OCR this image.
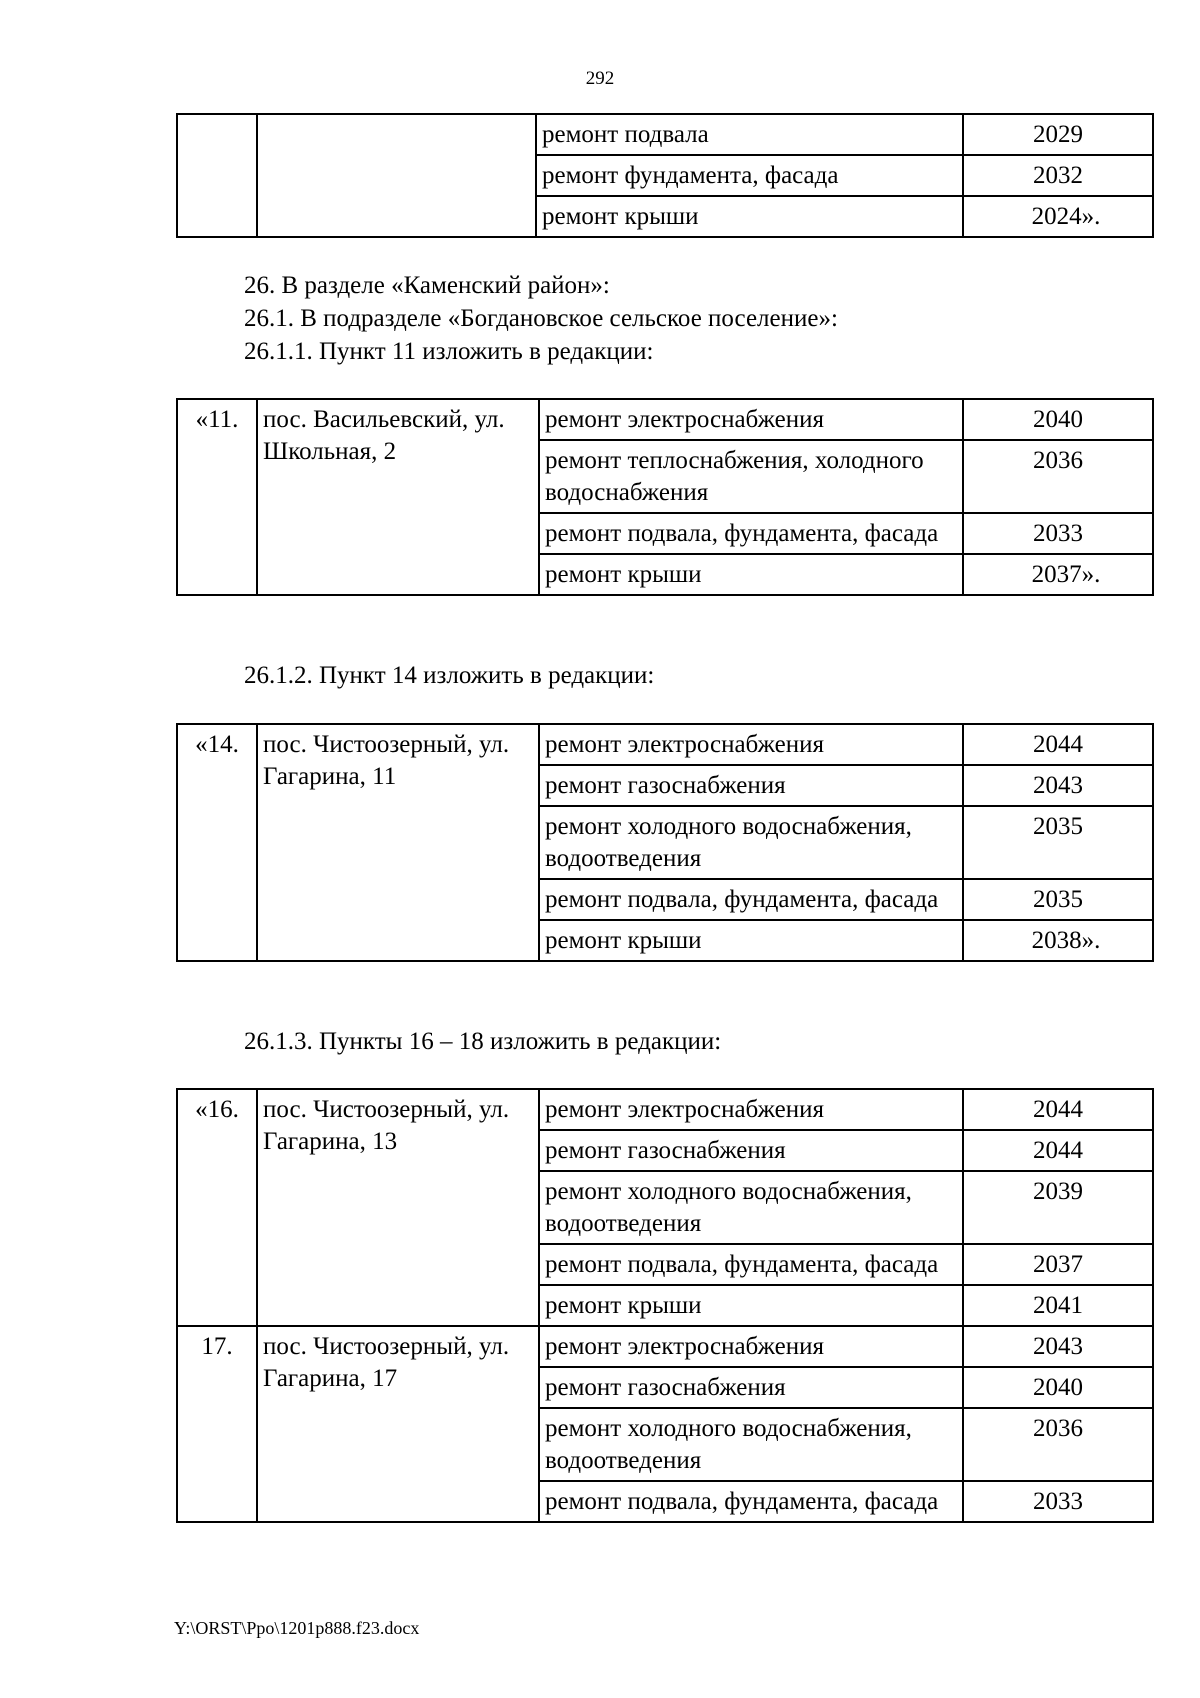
292
		ремонт подвала	2029
		ремонт фундамента, фасада	2032
		ремонт крыши	2024».

26. В разделе «Каменский район»:

26.1. В подразделе «Богдановское сельское поселение»:

26.1.1. Пункт 11 изложить в редакции:

«11.	пос. Васильевский, ул. Школьная, 2	ремонт электроснабжения	2040
		ремонт теплоснабжения, холодного водоснабжения	2036
		ремонт подвала, фундамента, фасада	2033
		ремонт крыши	2037».

26.1.2. Пункт 14 изложить в редакции:

«14.	пос. Чистоозерный, ул. Гагарина, 11	ремонт электроснабжения	2044
		ремонт газоснабжения	2043
		ремонт холодного водоснабжения, водоотведения	2035
		ремонт подвала, фундамента, фасада	2035
		ремонт крыши	2038».

26.1.3. Пункты 16 – 18 изложить в редакции:

«16.	пос. Чистоозерный, ул. Гагарина, 13	ремонт электроснабжения	2044
		ремонт газоснабжения	2044
		ремонт холодного водоснабжения, водоотведения	2039
		ремонт подвала, фундамента, фасада	2037
		ремонт крыши	2041
17.	пос. Чистоозерный, ул. Гагарина, 17	ремонт электроснабжения	2043
		ремонт газоснабжения	2040
		ремонт холодного водоснабжения, водоотведения	2036
		ремонт подвала, фундамента, фасада	2033
Y:\ORST\Ppo\1201p888.f23.docx
